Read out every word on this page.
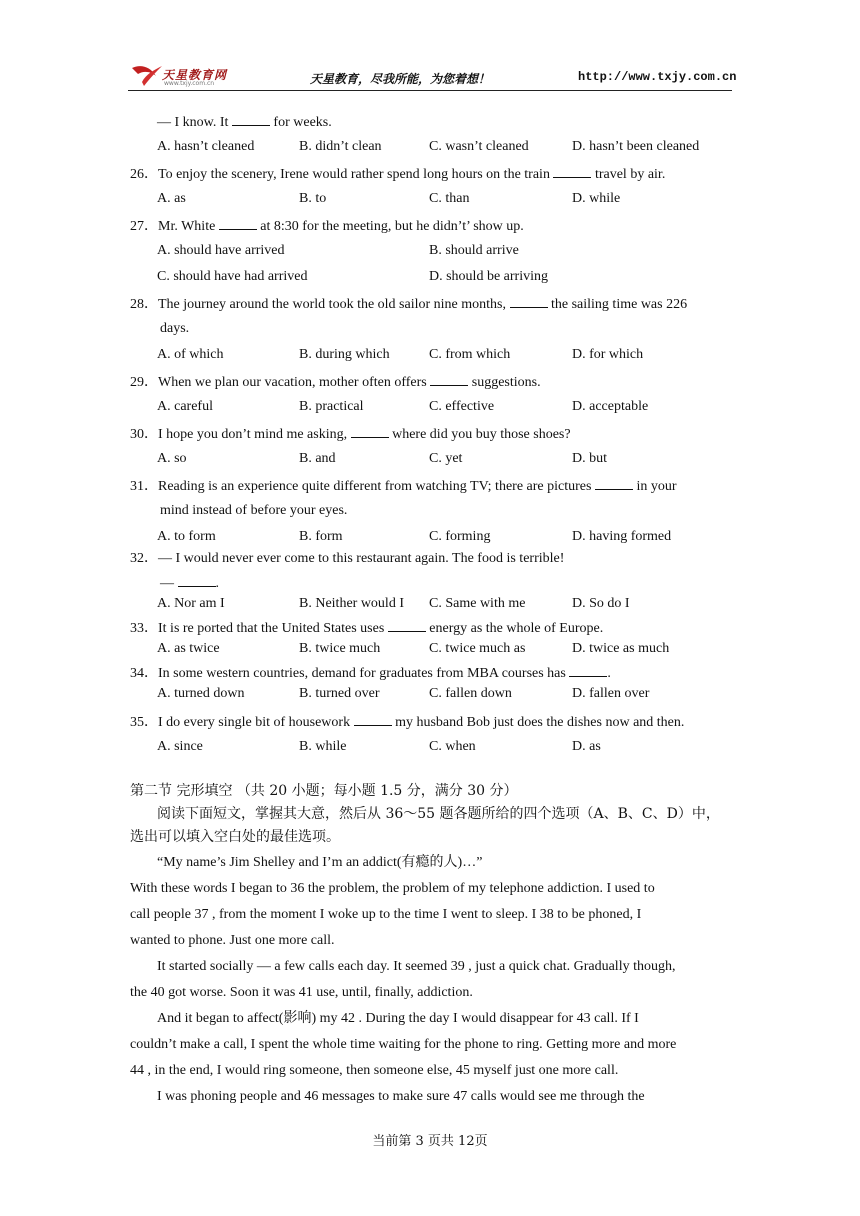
天星教育网
www.txjy.com.cn	天星教育，尽我所能，为您着想！	http://www.txjy.com.cn
— I know. It	for weeks.
A. hasn’t cleaned	B. didn’t clean	C. wasn’t cleaned	D. hasn’t been cleaned
26．To enjoy the scenery, Irene would rather spend long hours on the train	travel by air.
A. as	B. to	C. than	D. while
27．Mr. White	at 8:30 for the meeting, but he didn’t’ show up.
A. should have arrived	B. should arrive
C. should have had arrived	D. should be arriving
28．The journey around the world took the old sailor nine months,	the sailing time was 226
days.
A. of which	B. during which	C. from which	D. for which
29．When we plan our vacation, mother often offers	suggestions.
A. careful	B. practical	C. effective	D. acceptable
30．I hope you don’t mind me asking,	where did you buy those shoes?
A. so	B. and	C. yet	D. but
31．Reading is an experience quite different from watching TV; there are pictures	in your
mind instead of before your eyes.
A. to form	B. form	C. forming	D. having formed
32．— I would never ever come to this restaurant again. The food is terrible!
—	.
A. Nor am I	B. Neither would I C. Same with me	D. So do I
33．It is re ported that the United States uses	energy as the whole of Europe.
A. as twice	B. twice much	C. twice much as	D. twice as much
34．In some western countries, demand for graduates from MBA courses has	.
A. turned down	B. turned over	C. fallen down	D. fallen over
35．I do every single bit of housework	my husband Bob just does the dishes now and then.
A. since	B. while	C. when	D. as
第二节 完形填空 （共 20 小题；每小题 1.5 分，满分 30 分）
阅读下面短文，掌握其大意，然后从 36～55 题各题所给的四个选项（A、B、C、D）中，
选出可以填入空白处的最佳选项。
“My name’s Jim Shelley and I’m an addict(有瘾的人)…”
With these words I began to 36 the problem, the problem of my telephone addiction. I used to
call people 37 , from the moment I woke up to the time I went to sleep. I 38 to be phoned, I
wanted to phone. Just one more call.
It started socially — a few calls each day. It seemed 39 , just a quick chat. Gradually though,
the 40 got worse. Soon it was 41 use, until, finally, addiction.
And it began to affect(影响) my 42 . During the day I would disappear for 43 call. If I
couldn’t make a call, I spent the whole time waiting for the phone to ring. Getting more and more
44 , in the end, I would ring someone, then someone else, 45 myself just one more call.
I was phoning people and 46 messages to make sure 47 calls would see me through the
当前第 3 页共 12页
